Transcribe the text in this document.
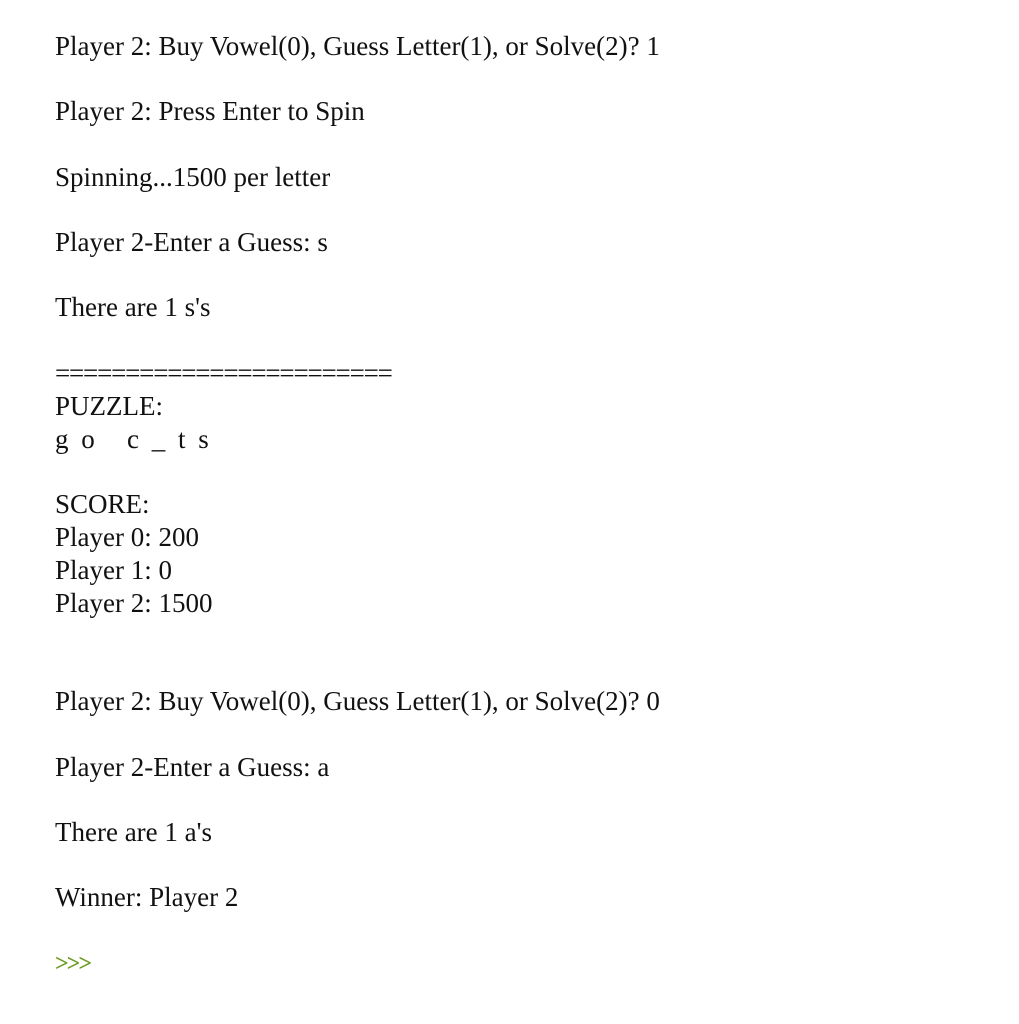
Player 2: Buy Vowel(0), Guess Letter(1), or Solve(2)? 1
Player 2: Press Enter to Spin
Spinning...1500 per letter
Player 2-Enter a Guess: s
There are 1 s's
========================
PUZZLE:
g o   c _ t s
SCORE:
Player 0: 200
Player 1: 0
Player 2: 1500
Player 2: Buy Vowel(0), Guess Letter(1), or Solve(2)? 0
Player 2-Enter a Guess: a
There are 1 a's
Winner: Player 2
>>>
